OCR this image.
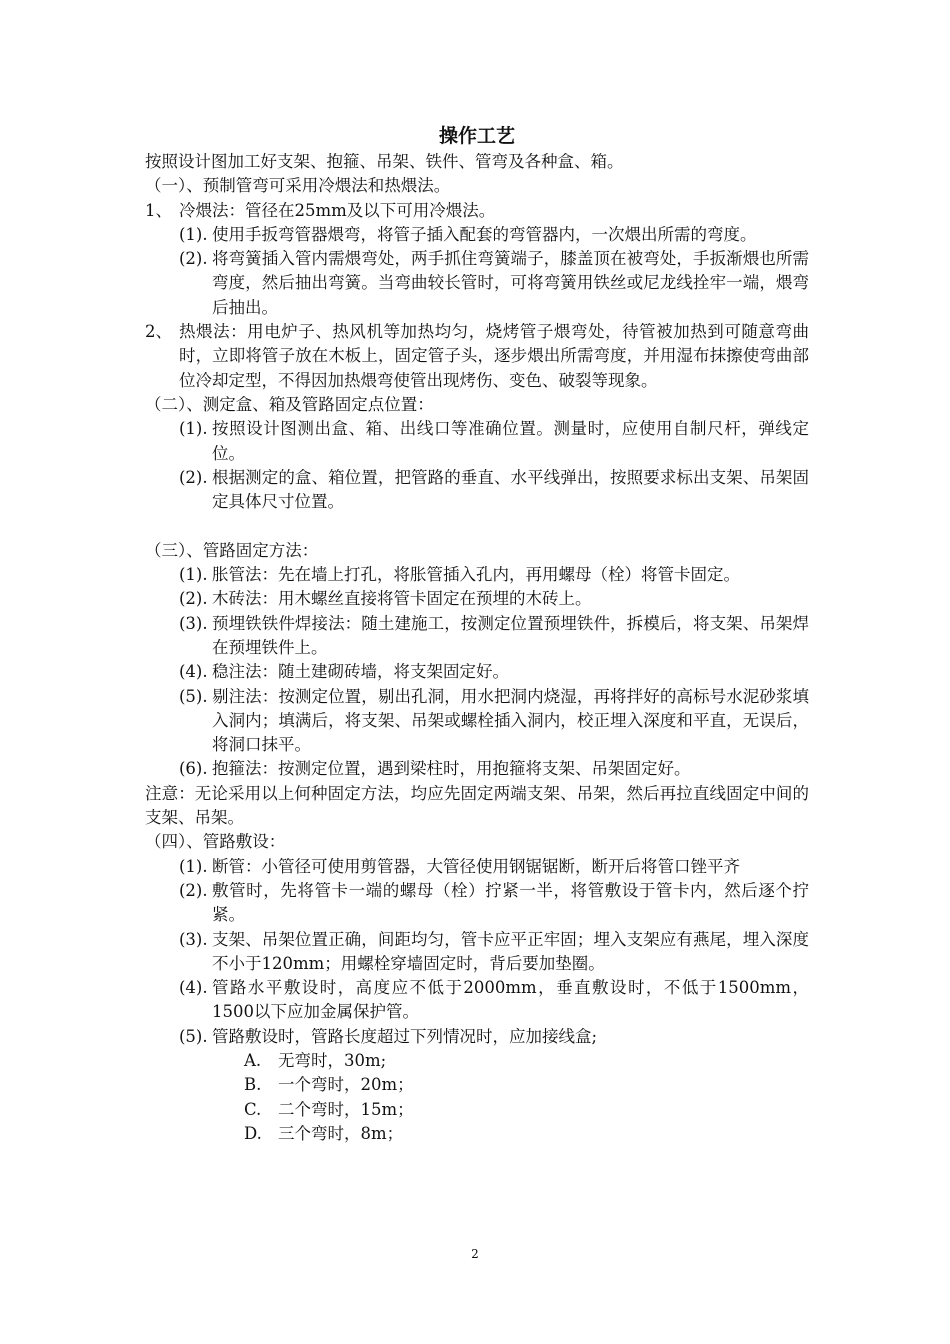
操作工艺
按照设计图加工好支架、抱箍、吊架、铁件、管弯及各种盒、箱。
（一）、预制管弯可采用冷煨法和热煨法。
1、 冷煨法：管径在25mm及以下可用冷煨法。
(1). 使用手扳弯管器煨弯，将管子插入配套的弯管器内，一次煨出所需的弯度。
(2). 将弯簧插入管内需煨弯处，两手抓住弯簧端子，膝盖顶在被弯处，手扳渐煨也所需弯度，然后抽出弯簧。当弯曲较长管时，可将弯簧用铁丝或尼龙线拴牢一端，煨弯后抽出。
2、 热煨法：用电炉子、热风机等加热均匀，烧烤管子煨弯处，待管被加热到可随意弯曲时，立即将管子放在木板上，固定管子头，逐步煨出所需弯度，并用湿布抹擦使弯曲部位冷却定型，不得因加热煨弯使管出现烤伤、变色、破裂等现象。
（二）、测定盒、箱及管路固定点位置：
(1). 按照设计图测出盒、箱、出线口等准确位置。测量时，应使用自制尺杆，弹线定位。
(2). 根据测定的盒、箱位置，把管路的垂直、水平线弹出，按照要求标出支架、吊架固定具体尺寸位置。
（三）、管路固定方法：
(1). 胀管法：先在墙上打孔，将胀管插入孔内，再用螺母（栓）将管卡固定。
(2). 木砖法：用木螺丝直接将管卡固定在预埋的木砖上。
(3). 预埋铁铁件焊接法：随土建施工，按测定位置预埋铁件，拆模后，将支架、吊架焊在预埋铁件上。
(4). 稳注法：随土建砌砖墙，将支架固定好。
(5). 剔注法：按测定位置，剔出孔洞，用水把洞内烧湿，再将拌好的高标号水泥砂浆填入洞内；填满后，将支架、吊架或螺栓插入洞内，校正埋入深度和平直，无误后，将洞口抹平。
(6). 抱箍法：按测定位置，遇到梁柱时，用抱箍将支架、吊架固定好。
注意：无论采用以上何种固定方法，均应先固定两端支架、吊架，然后再拉直线固定中间的支架、吊架。
（四）、管路敷设：
(1). 断管：小管径可使用剪管器，大管径使用钢锯锯断，断开后将管口锉平齐
(2). 敷管时，先将管卡一端的螺母（栓）拧紧一半，将管敷设于管卡内，然后逐个拧紧。
(3). 支架、吊架位置正确，间距均匀，管卡应平正牢固；埋入支架应有燕尾，埋入深度不小于120mm；用螺栓穿墙固定时，背后要加垫圈。
(4). 管路水平敷设时，高度应不低于2000mm，垂直敷设时，不低于1500mm，1500以下应加金属保护管。
(5). 管路敷设时，管路长度超过下列情况时，应加接线盒;
A.	无弯时，30m;
B.	一个弯时，20m；
C.	二个弯时，15m；
D. 三个弯时，8m；
2
